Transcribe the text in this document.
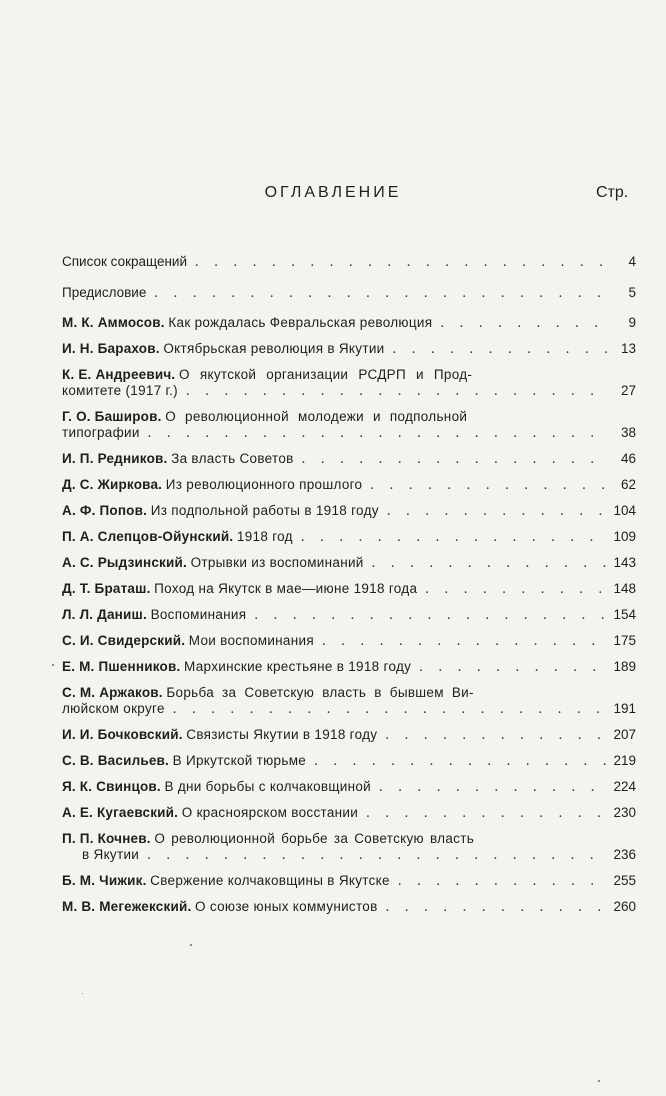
ОГЛАВЛЕНИЕ	Стр.
Список сокращений . . .	4
Предисловие . . .	5
М. К. Аммосов. Как рождалась Февральская революция . . .	9
И. Н. Барахов. Октябрьская революция в Якутии . . .	13
К. Е. Андреевич. О якутской организации РСДРП и Прод-
комитете (1917 г.) . . .	27
Г. О. Баширов. О революционной молодежи и подпольной
типографии . . .	38
И. П. Редников. За власть Советов . . .	46
Д. С. Жиркова. Из революционного прошлого . . .	62
А. Ф. Попов. Из подпольной работы в 1918 году . . .	104
П. А. Слепцов-Ойунский. 1918 год . . .	109
А. С. Рыдзинский. Отрывки из воспоминаний . . .	143
Д. Т. Браташ. Поход на Якутск в мае—июне 1918 года . . .	148
Л. Л. Даниш. Воспоминания . . .	154
С. И. Свидерский. Мои воспоминания . . .	175
Е. М. Пшенников. Мархинские крестьяне в 1918 году . . .	189
С. М. Аржаков. Борьба за Советскую власть в бывшем Ви-
люйском округе . . .	191
И. И. Бочковский. Связисты Якутии в 1918 году . . .	207
С. В. Васильев. В Иркутской тюрьме . . .	219
Я. К. Свинцов. В дни борьбы с колчаковщиной . . .	224
А. Е. Кугаевский. О красноярском восстании . . .	230
П. П. Кочнев. О революционной борьбе за Советскую власть
в Якутии . . .	236
Б. М. Чижик. Свержение колчаковщины в Якутске . . .	255
М. В. Мегежекский. О союзе юных коммунистов . . .	260
